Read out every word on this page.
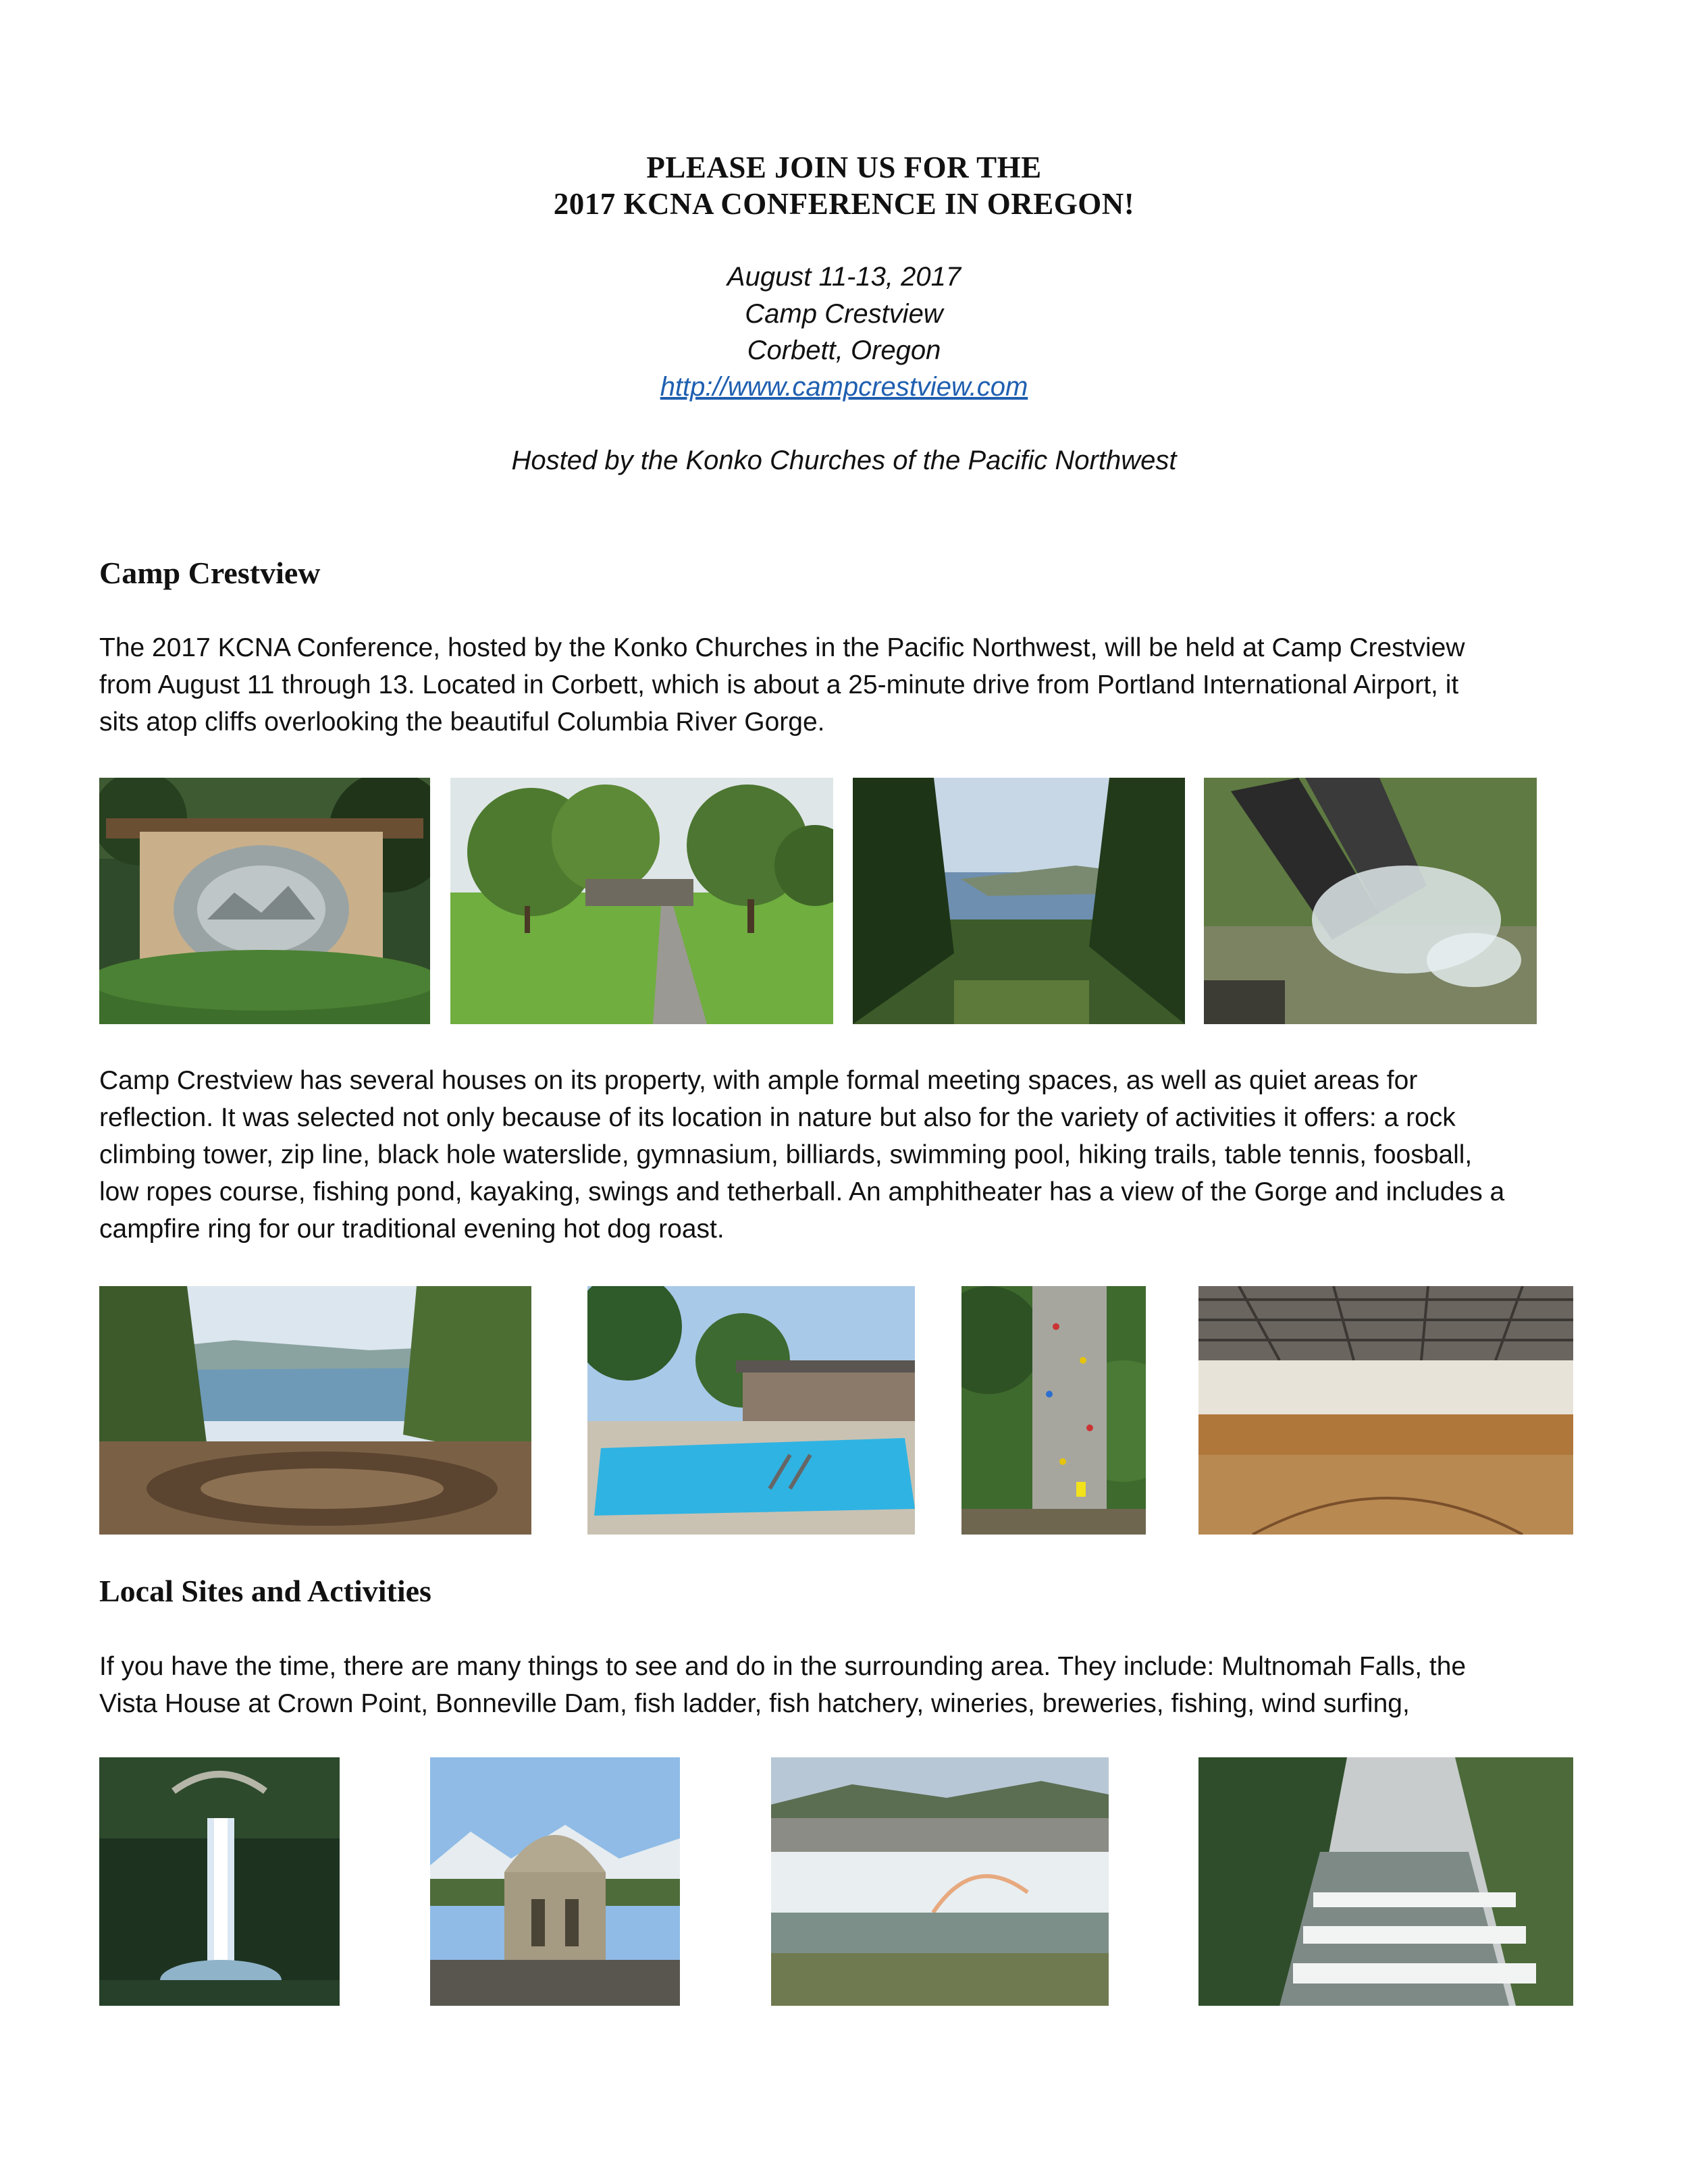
PLEASE JOIN US FOR THE
2017 KCNA CONFERENCE IN OREGON!
August 11-13, 2017
Camp Crestview
Corbett, Oregon
http://www.campcrestview.com
Hosted by the Konko Churches of the Pacific Northwest
Camp Crestview
The 2017 KCNA Conference, hosted by the Konko Churches in the Pacific Northwest, will be held at Camp Crestview
from August 11 through 13. Located in Corbett, which is about a 25-minute drive from Portland International Airport, it
sits atop cliffs overlooking the beautiful Columbia River Gorge.
Camp Crestview has several houses on its property, with ample formal meeting spaces, as well as quiet areas for
reflection. It was selected not only because of its location in nature but also for the variety of activities it offers: a rock
climbing tower, zip line, black hole waterslide, gymnasium, billiards, swimming pool, hiking trails, table tennis, foosball,
low ropes course, fishing pond, kayaking, swings and tetherball. An amphitheater has a view of the Gorge and includes a
campfire ring for our traditional evening hot dog roast.
Local Sites and Activities
If you have the time, there are many things to see and do in the surrounding area. They include: Multnomah Falls, the
Vista House at Crown Point, Bonneville Dam, fish ladder, fish hatchery, wineries, breweries, fishing, wind surfing,
